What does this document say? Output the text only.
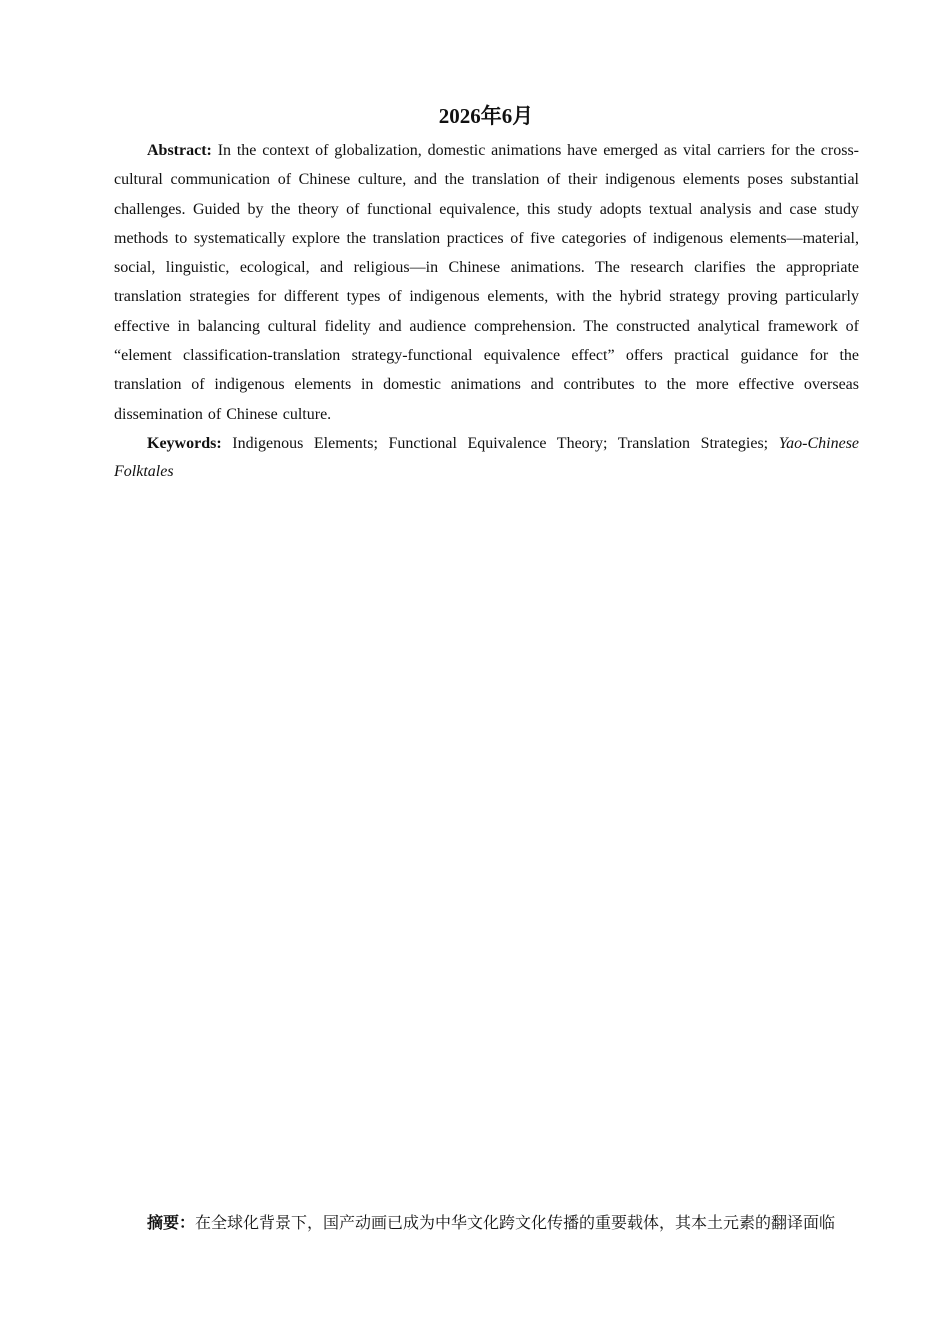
2026年6月

Abstract: In the context of globalization, domestic animations have emerged as vital carriers for the cross-cultural communication of Chinese culture, and the translation of their indigenous elements poses substantial challenges. Guided by the theory of functional equivalence, this study adopts textual analysis and case study methods to systematically explore the translation practices of five categories of indigenous elements—material, social, linguistic, ecological, and religious—in Chinese animations. The research clarifies the appropriate translation strategies for different types of indigenous elements, with the hybrid strategy proving particularly effective in balancing cultural fidelity and audience comprehension. The constructed analytical framework of “element classification-translation strategy-functional equivalence effect” offers practical guidance for the translation of indigenous elements in domestic animations and contributes to the more effective overseas dissemination of Chinese culture.

Keywords: Indigenous Elements; Functional Equivalence Theory; Translation Strategies; Yao-Chinese Folktales

摘要：在全球化背景下，国产动画已成为中华文化跨文化传播的重要载体，其本土元素的翻译面临
